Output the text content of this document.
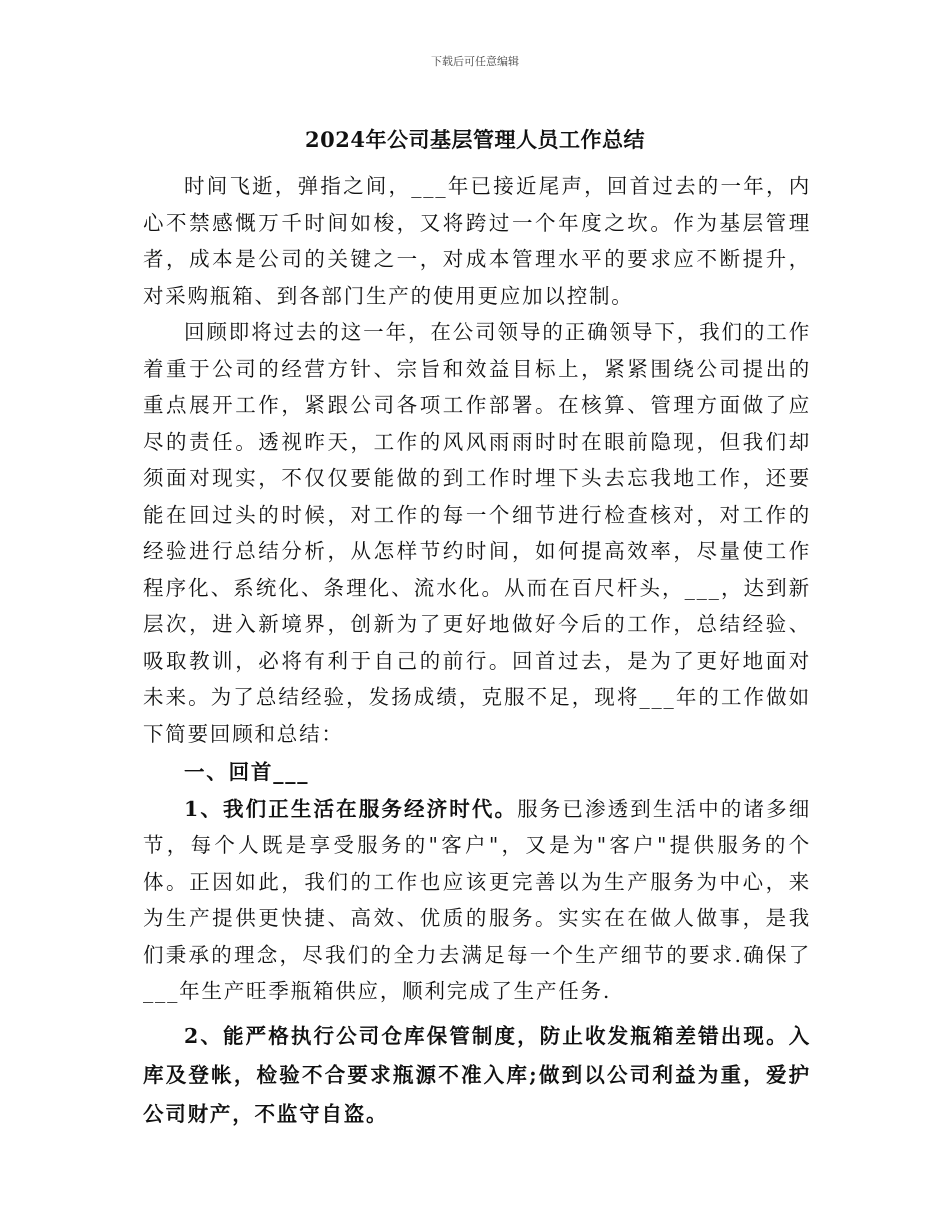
下载后可任意编辑
2024年公司基层管理人员工作总结

时间飞逝，弹指之间，___年已接近尾声，回首过去的一年，内心不禁感慨万千时间如梭，又将跨过一个年度之坎。作为基层管理者，成本是公司的关键之一，对成本管理水平的要求应不断提升，对采购瓶箱、到各部门生产的使用更应加以控制。

回顾即将过去的这一年，在公司领导的正确领导下，我们的工作着重于公司的经营方针、宗旨和效益目标上，紧紧围绕公司提出的重点展开工作，紧跟公司各项工作部署。在核算、管理方面做了应尽的责任。透视昨天，工作的风风雨雨时时在眼前隐现，但我们却须面对现实，不仅仅要能做的到工作时埋下头去忘我地工作，还要能在回过头的时候，对工作的每一个细节进行检查核对，对工作的经验进行总结分析，从怎样节约时间，如何提高效率，尽量使工作程序化、系统化、条理化、流水化。从而在百尺杆头，___，达到新层次，进入新境界，创新为了更好地做好今后的工作，总结经验、吸取教训，必将有利于自己的前行。回首过去，是为了更好地面对未来。为了总结经验，发扬成绩，克服不足，现将___年的工作做如下简要回顾和总结：

一、回首___

1、我们正生活在服务经济时代。服务已渗透到生活中的诸多细节，每个人既是享受服务的"客户"，又是为"客户"提供服务的个体。正因如此，我们的工作也应该更完善以为生产服务为中心，来为生产提供更快捷、高效、优质的服务。实实在在做人做事，是我们秉承的理念，尽我们的全力去满足每一个生产细节的要求.确保了___年生产旺季瓶箱供应，顺利完成了生产任务.

2、能严格执行公司仓库保管制度，防止收发瓶箱差错出现。入库及登帐，检验不合要求瓶源不准入库;做到以公司利益为重，爱护公司财产，不监守自盗。
